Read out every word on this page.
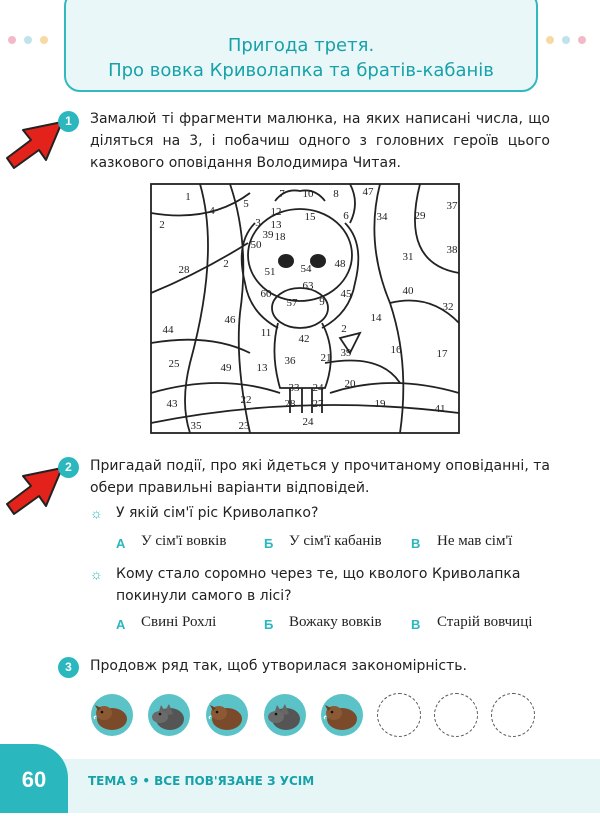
Пригода третя.
Про вовка Криволапка та братів-кабанів
1	Замалюй ті фрагменти малюнка, на яких написані числа, що діляться на 3, і побачиш одного з головних героїв цього казкового оповідання Володимира Читая.
1
4
5
7 10 8 47
2
12
3 13
15
18
6	34 29
37
50
39
28	2
51 54 48
63
31
38
60
57 9
45	40
32
46
11
14
44	2
42
39	16	17
25	36 21
49 13
33 24 20
43	22	28 27	19	41
35	23	24
2	Пригадай події, про які йдеться у прочитаному оповіданні, та обери правильні варіанти відповідей.
☼ У якій сім'ї ріс Криволапко?
А У сім'ї вовків	Б У сім'ї кабанів В Не мав сім'ї
☼ Кому стало соромно через те, що кволого Криволапка покинули самого в лісі?
А Свині Рохлі	Б Вожаку вовків В Старій вовчиці
3	Продовж ряд так, щоб утворилася закономірність.
60	ТЕМА 9 • ВСЕ ПОВ'ЯЗАНЕ З УСІМ
